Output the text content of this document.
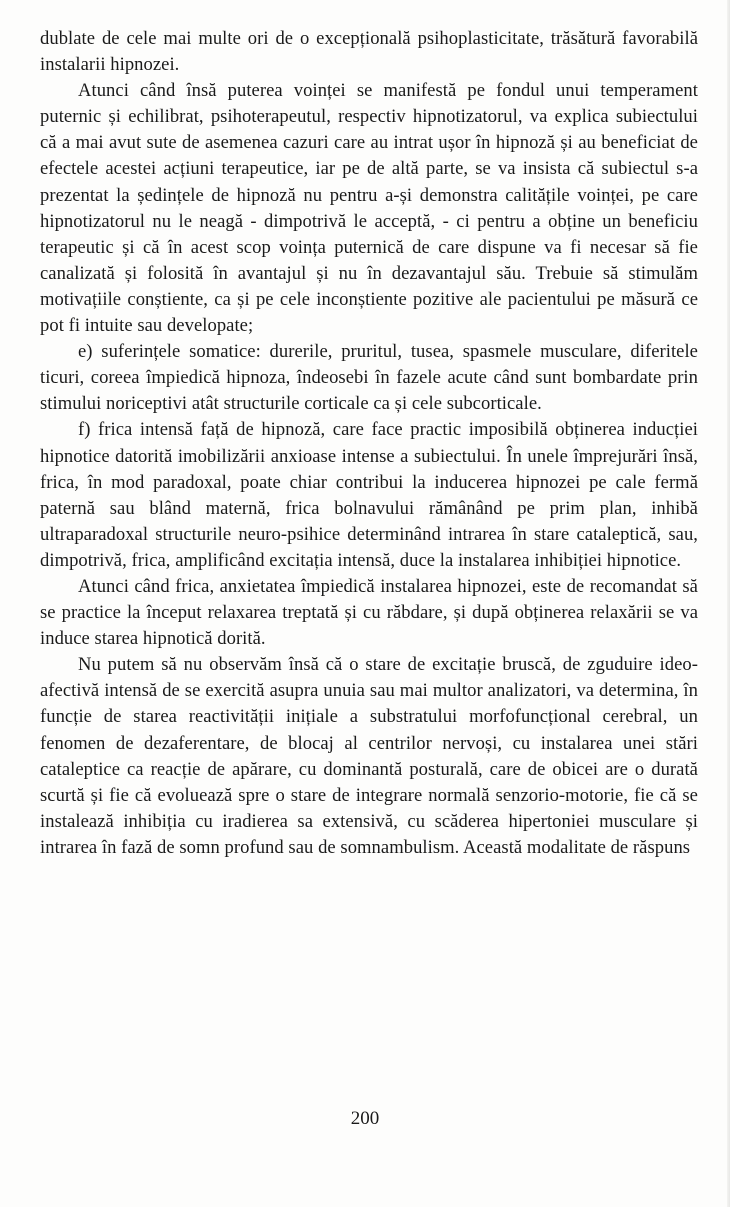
dublate de cele mai multe ori de o excepțională psihoplasticitate, trăsătură favorabilă instalarii hipnozei.

Atunci când însă puterea voinței se manifestă pe fondul unui temperament puternic și echilibrat, psihoterapeutul, respectiv hipnotizatorul, va explica subiectului că a mai avut sute de asemenea cazuri care au intrat ușor în hipnoză și au beneficiat de efectele acestei acțiuni terapeutice, iar pe de altă parte, se va insista că subiectul s-a prezentat la ședințele de hipnoză nu pentru a-și demonstra calitățile voinței, pe care hipnotizatorul nu le neagă - dimpotrivă le acceptă, - ci pentru a obține un beneficiu terapeutic și că în acest scop voința puternică de care dispune va fi necesar să fie canalizată și folosită în avantajul și nu în dezavantajul său. Trebuie să stimulăm motivațiile conștiente, ca și pe cele inconștiente pozitive ale pacientului pe măsură ce pot fi intuite sau developate;

e) suferințele somatice: durerile, pruritul, tusea, spasmele musculare, diferitele ticuri, coreea împiedică hipnoza, îndeosebi în fazele acute când sunt bombardate prin stimului noriceptivi atât structurile corticale ca și cele subcorticale.

f) frica intensă față de hipnoză, care face practic imposibilă obținerea inducției hipnotice datorită imobilizării anxioase intense a subiectului. În unele împrejurări însă, frica, în mod paradoxal, poate chiar contribui la inducerea hipnozei pe cale fermă paternă sau blând maternă, frica bolnavului rămânând pe prim plan, inhibă ultraparadoxal structurile neuro-psihice determinând intrarea în stare cataleptică, sau, dimpotrivă, frica, amplificând excitația intensă, duce la instalarea inhibiției hipnotice.

Atunci când frica, anxietatea împiedică instalarea hipnozei, este de recomandat să se practice la început relaxarea treptată și cu răbdare, și după obținerea relaxării se va induce starea hipnotică dorită.

Nu putem să nu observăm însă că o stare de excitație bruscă, de zguduire ideo-afectivă intensă de se exercită asupra unuia sau mai multor analizatori, va determina, în funcție de starea reactivității inițiale a substratului morfofuncțional cerebral, un fenomen de dezaferentare, de blocaj al centrilor nervoși, cu instalarea unei stări cataleptice ca reacție de apărare, cu dominantă posturală, care de obicei are o durată scurtă și fie că evoluează spre o stare de integrare normală senzorio-motorie, fie că se instalează inhibiția cu iradierea sa extensivă, cu scăderea hipertoniei musculare și intrarea în fază de somn profund sau de somnambulism. Această modalitate de răspuns

200
